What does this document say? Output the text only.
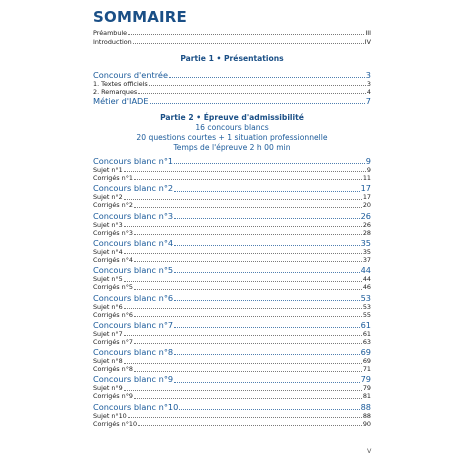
SOMMAIRE
Préambule	III
Introduction	IV
Partie 1 • Présentations
Concours d'entrée	3
1. Textes officiels	3
2. Remarques	4
Métier d'IADE	7
Partie 2 • Épreuve d'admissibilité
16 concours blancs
20 questions courtes + 1 situation professionnelle
Temps de l'épreuve 2 h 00 min
Concours blanc n°1	9
Sujet n°1	9
Corrigés n°1	11
Concours blanc n°2	17
Sujet n°2	17
Corrigés n°2	20
Concours blanc n°3	26
Sujet n°3	26
Corrigés n°3	28
Concours blanc n°4	35
Sujet n°4	35
Corrigés n°4	37
Concours blanc n°5	44
Sujet n°5	44
Corrigés n°5	46
Concours blanc n°6	53
Sujet n°6	53
Corrigés n°6	55
Concours blanc n°7	61
Sujet n°7	61
Corrigés n°7	63
Concours blanc n°8	69
Sujet n°8	69
Corrigés n°8	71
Concours blanc n°9	79
Sujet n°9	79
Corrigés n°9	81
Concours blanc n°10	88
Sujet n°10	88
Corrigés n°10	90
V
